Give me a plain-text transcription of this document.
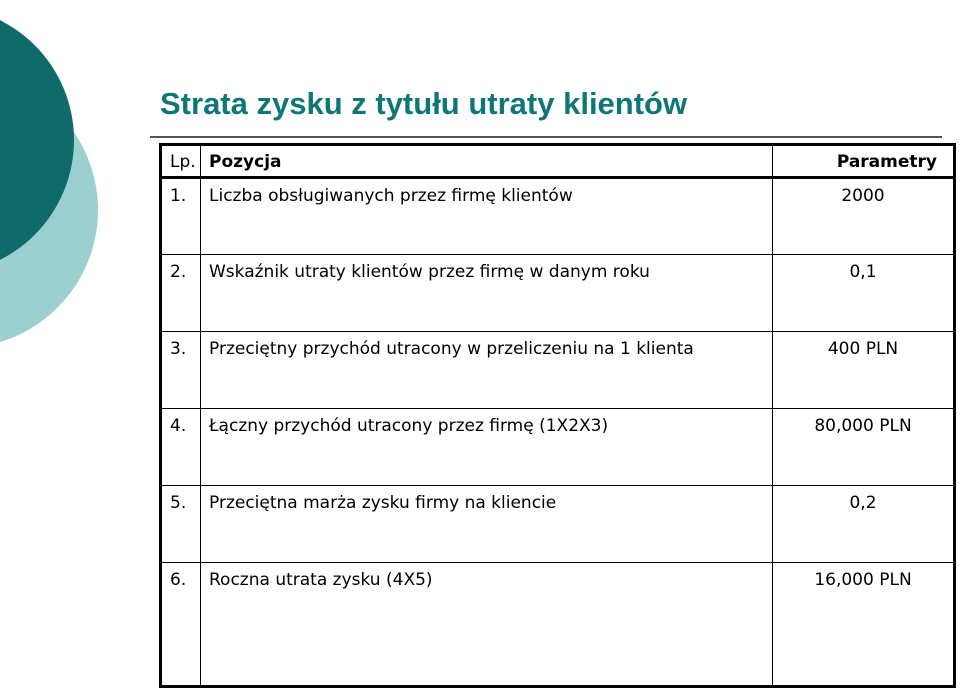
Strata zysku z tytułu utraty klientów
Lp.	Pozycja	Parametry
1.	Liczba obsługiwanych przez firmę klientów	2000
2.	Wskaźnik utraty klientów przez firmę w danym roku	0,1
3.	Przeciętny przychód utracony w przeliczeniu na 1 klienta	400 PLN
4.	Łączny przychód utracony przez firmę (1X2X3)	80,000 PLN
5.	Przeciętna marża zysku firmy na kliencie	0,2
6.	Roczna utrata zysku (4X5)	16,000 PLN
